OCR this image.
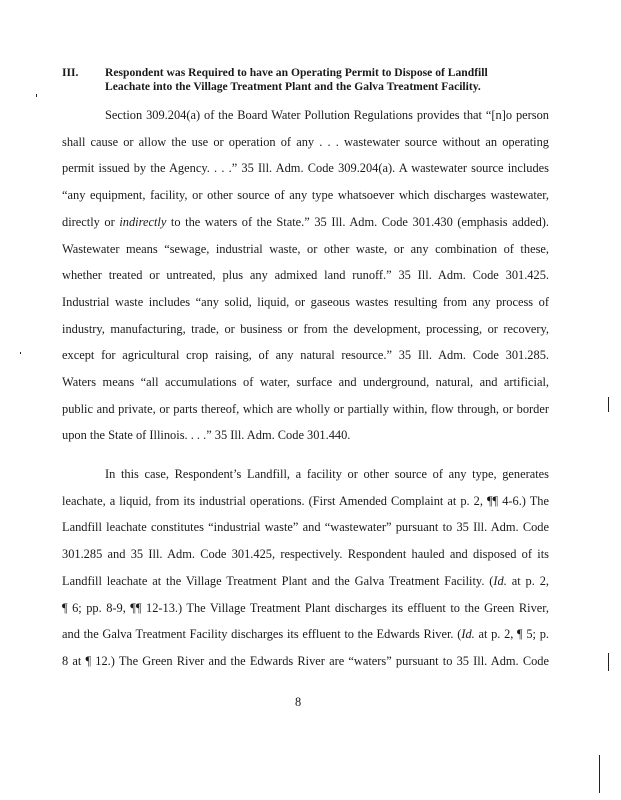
III. Respondent was Required to have an Operating Permit to Dispose of Landfill
Leachate into the Village Treatment Plant and the Galva Treatment Facility.
Section 309.204(a) of the Board Water Pollution Regulations provides that “[n]o person
shall cause or allow the use or operation of any . . . wastewater source without an operating
permit issued by the Agency. . . .” 35 Ill. Adm. Code 309.204(a). A wastewater source includes
“any equipment, facility, or other source of any type whatsoever which discharges wastewater,
directly or indirectly to the waters of the State.” 35 Ill. Adm. Code 301.430 (emphasis added).
Wastewater means “sewage, industrial waste, or other waste, or any combination of these,
whether treated or untreated, plus any admixed land runoff.” 35 Ill. Adm. Code 301.425.
Industrial waste includes “any solid, liquid, or gaseous wastes resulting from any process of
industry, manufacturing, trade, or business or from the development, processing, or recovery,
except for agricultural crop raising, of any natural resource.” 35 Ill. Adm. Code 301.285.
Waters means “all accumulations of water, surface and underground, natural, and artificial,
public and private, or parts thereof, which are wholly or partially within, flow through, or border
upon the State of Illinois. . . .” 35 Ill. Adm. Code 301.440.
In this case, Respondent’s Landfill, a facility or other source of any type, generates
leachate, a liquid, from its industrial operations. (First Amended Complaint at p. 2, ¶¶ 4-6.) The
Landfill leachate constitutes “industrial waste” and “wastewater” pursuant to 35 Ill. Adm. Code
301.285 and 35 Ill. Adm. Code 301.425, respectively. Respondent hauled and disposed of its
Landfill leachate at the Village Treatment Plant and the Galva Treatment Facility. (Id. at p. 2,
¶ 6; pp. 8-9, ¶¶ 12-13.) The Village Treatment Plant discharges its effluent to the Green River,
and the Galva Treatment Facility discharges its effluent to the Edwards River. (Id. at p. 2, ¶ 5; p.
8 at ¶ 12.) The Green River and the Edwards River are “waters” pursuant to 35 Ill. Adm. Code
8
